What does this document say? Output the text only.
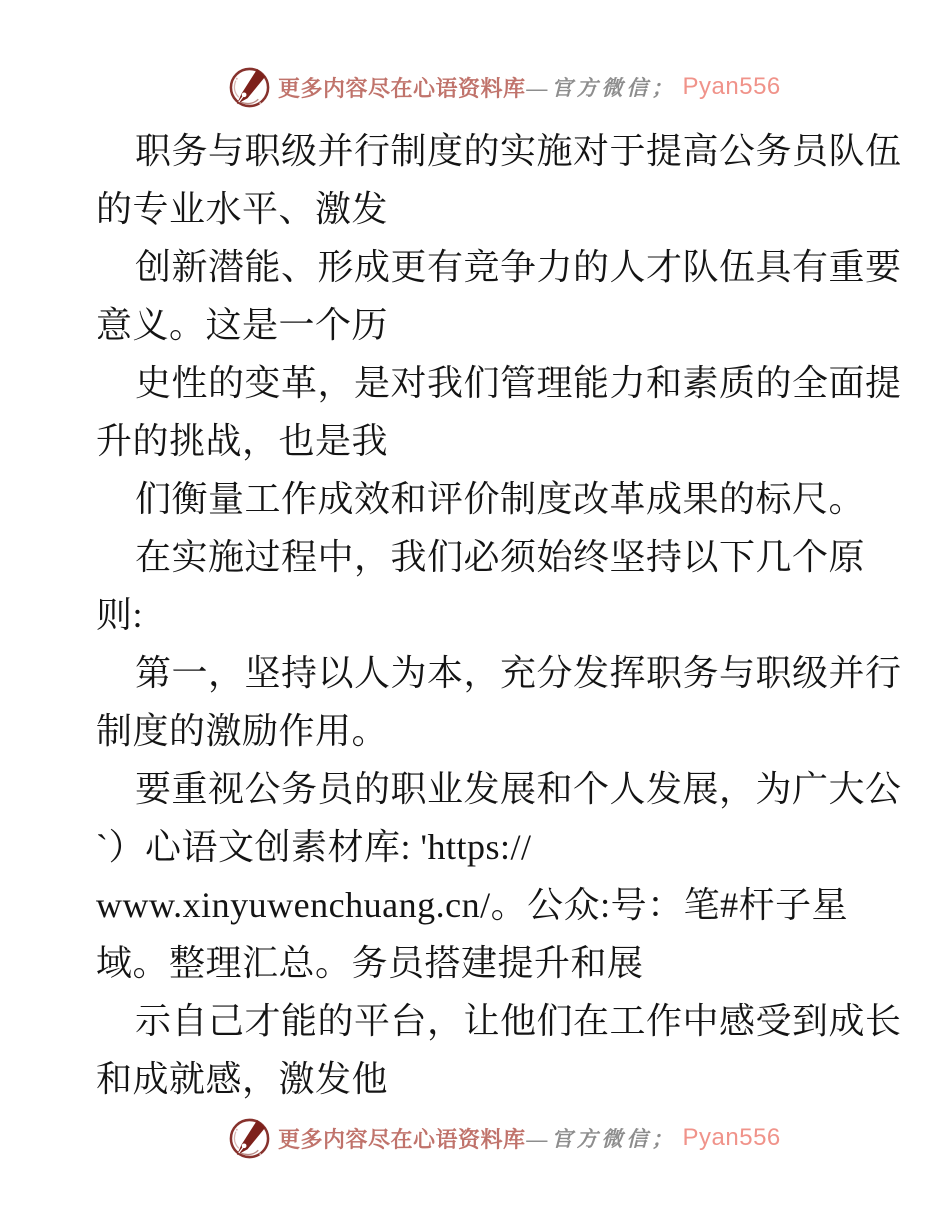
更多内容尽在心语资料库 —官方微信； Pyan556
职务与职级并行制度的实施对于提高公务员队伍
的专业水平、激发
创新潜能、形成更有竞争力的人才队伍具有重要
意义。这是一个历
史性的变革，是对我们管理能力和素质的全面提
升的挑战，也是我
们衡量工作成效和评价制度改革成果的标尺。
在实施过程中，我们必须始终坚持以下几个原
则:
第一，坚持以人为本，充分发挥职务与职级并行
制度的激励作用。
要重视公务员的职业发展和个人发展，为广大公
`）心语文创素材库: 'https://
www.xinyuwenchuang.cn/。公众:号：笔#杆子星
域。整理汇总。务员搭建提升和展
示自己才能的平台，让他们在工作中感受到成长
和成就感，激发他
更多内容尽在心语资料库 —官方微信； Pyan556
